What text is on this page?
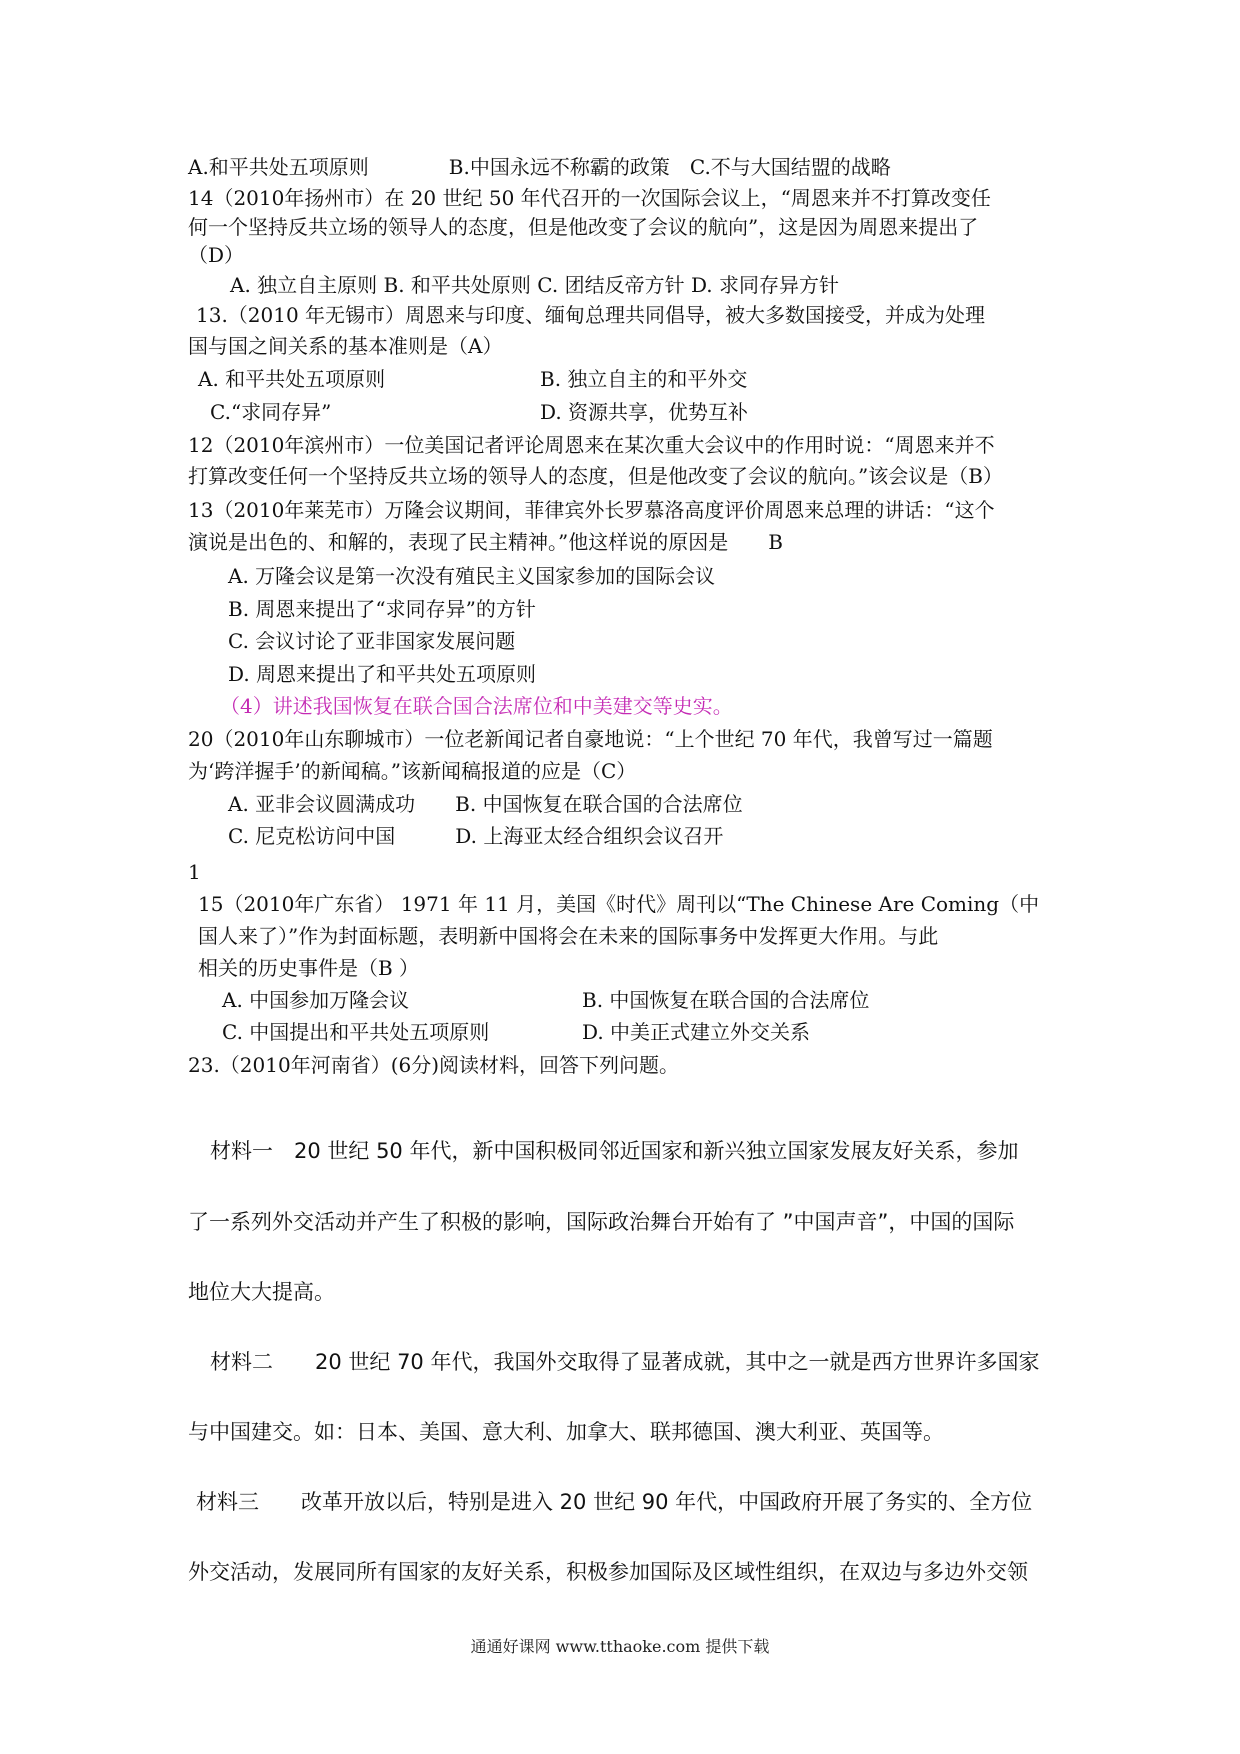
A.和平共处五项原则　　　　B.中国永远不称霸的政策　C.不与大国结盟的战略
14（2010年扬州市）在 20 世纪 50 年代召开的一次国际会议上，“周恩来并不打算改变任
何一个坚持反共立场的领导人的态度，但是他改变了会议的航向”，这是因为周恩来提出了
（D）
A. 独立自主原则 B. 和平共处原则 C. 团结反帝方针 D. 求同存异方针
13.（2010 年无锡市）周恩来与印度、缅甸总理共同倡导，被大多数国接受，并成为处理
国与国之间关系的基本准则是（A）
A. 和平共处五项原则	B. 独立自主的和平外交
C.“求同存异”	D. 资源共享，优势互补
12（2010年滨州市）一位美国记者评论周恩来在某次重大会议中的作用时说：“周恩来并不
打算改变任何一个坚持反共立场的领导人的态度，但是他改变了会议的航向。”该会议是（B）
13（2010年莱芜市）万隆会议期间，菲律宾外长罗慕洛高度评价周恩来总理的讲话：“这个
演说是出色的、和解的，表现了民主精神。”他这样说的原因是　　B
A. 万隆会议是第一次没有殖民主义国家参加的国际会议
B. 周恩来提出了“求同存异”的方针
C. 会议讨论了亚非国家发展问题
D. 周恩来提出了和平共处五项原则
（4）讲述我国恢复在联合国合法席位和中美建交等史实。
20（2010年山东聊城市）一位老新闻记者自豪地说：“上个世纪 70 年代，我曾写过一篇题
为‘跨洋握手’的新闻稿。”该新闻稿报道的应是（C）
A. 亚非会议圆满成功　　B. 中国恢复在联合国的合法席位
C. 尼克松访问中国　　　D. 上海亚太经合组织会议召开
1
15（2010年广东省） 1971 年 11 月，美国《时代》周刊以“The Chinese Are Coming（中
国人来了）”作为封面标题，表明新中国将会在未来的国际事务中发挥更大作用。与此
相关的历史事件是（B ）
A. 中国参加万隆会议	B. 中国恢复在联合国的合法席位
C. 中国提出和平共处五项原则	D. 中美正式建立外交关系
23.（2010年河南省）(6分)阅读材料，回答下列问题。
材料一　20 世纪 50 年代，新中国积极同邻近国家和新兴独立国家发展友好关系，参加
了一系列外交活动并产生了积极的影响，国际政治舞台开始有了 ”中国声音”，中国的国际
地位大大提高。
材料二　　20 世纪 70 年代，我国外交取得了显著成就，其中之一就是西方世界许多国家
与中国建交。如：日本、美国、意大利、加拿大、联邦德国、澳大利亚、英国等。
材料三　　改革开放以后，特别是进入 20 世纪 90 年代，中国政府开展了务实的、全方位
外交活动，发展同所有国家的友好关系，积极参加国际及区域性组织，在双边与多边外交领
通通好课网 www.tthaoke.com 提供下载
